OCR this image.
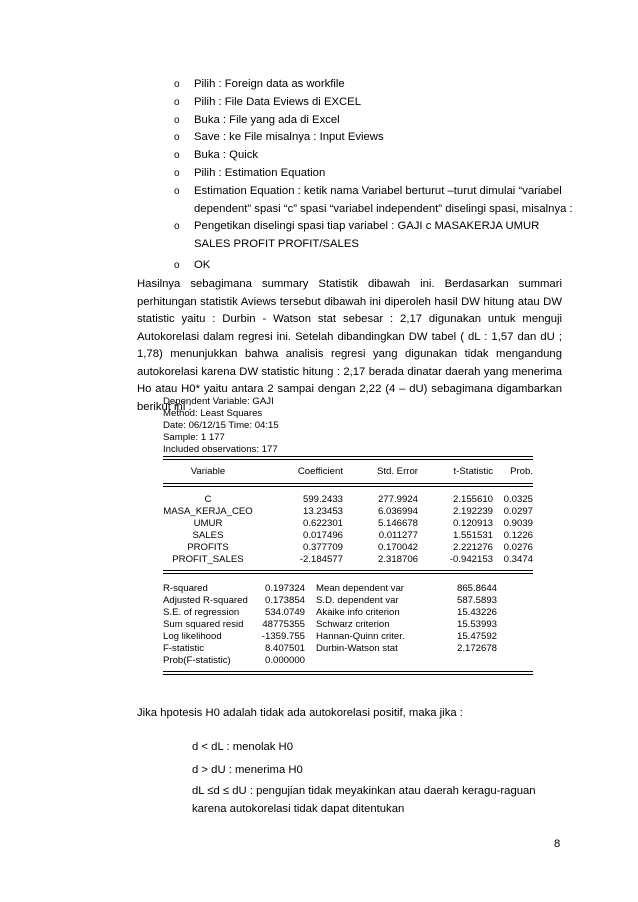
o Pilih : Foreign data as workfile
o Pilih : File Data Eviews di EXCEL
o Buka : File yang ada di Excel
o Save : ke File misalnya : Input Eviews
o Buka : Quick
o Pilih : Estimation Equation
o Estimation Equation : ketik nama Variabel berturut –turut dimulai “variabel dependent” spasi “c” spasi “variabel independent” diselingi spasi, misalnya :
o Pengetikan diselingi spasi tiap variabel : GAJI c MASAKERJA UMUR SALES PROFIT PROFIT/SALES
o OK
Hasilnya sebagimana summary Statistik dibawah ini. Berdasarkan summari perhitungan statistik Aviews tersebut dibawah ini diperoleh hasil DW hitung atau DW statistic yaitu : Durbin - Watson stat sebesar : 2,17 digunakan untuk menguji Autokorelasi dalam regresi ini. Setelah dibandingkan DW tabel ( dL : 1,57 dan dU ; 1,78) menunjukkan bahwa analisis regresi yang digunakan tidak mengandung autokorelasi karena DW statistic hitung : 2,17 berada dinatar daerah yang menerima Ho atau H0* yaitu antara 2 sampai dengan 2,22 (4 – dU) sebagimana digambarkan berikut ini :
Dependent Variable: GAJI
Method: Least Squares
Date: 06/12/15 Time: 04:15
Sample: 1 177
Included observations: 177
Variable	Coefficient	Std. Error	t-Statistic	Prob.
C	599.2433	277.9924	2.155610	0.0325
MASA_KERJA_CEO	13.23453	6.036994	2.192239	0.0297
UMUR	0.622301	5.146678	0.120913	0.9039
SALES	0.017496	0.011277	1.551531	0.1226
PROFITS	0.377709	0.170042	2.221276	0.0276
PROFIT_SALES	-2.184577	2.318706	-0.942153	0.3474
R-squared	0.197324	Mean dependent var	865.8644
Adjusted R-squared	0.173854	S.D. dependent var	587.5893
S.E. of regression	534.0749	Akaike info criterion	15.43226
Sum squared resid	48775355	Schwarz criterion	15.53993
Log likelihood	-1359.755	Hannan-Quinn criter.	15.47592
F-statistic	8.407501	Durbin-Watson stat	2.172678
Prob(F-statistic)	0.000000
Jika hpotesis H0 adalah tidak ada autokorelasi positif, maka jika :
d < dL : menolak H0
d > dU : menerima H0
dL ≤d ≤ dU : pengujian tidak meyakinkan atau daerah keragu-raguan karena autokorelasi tidak dapat ditentukan
8
